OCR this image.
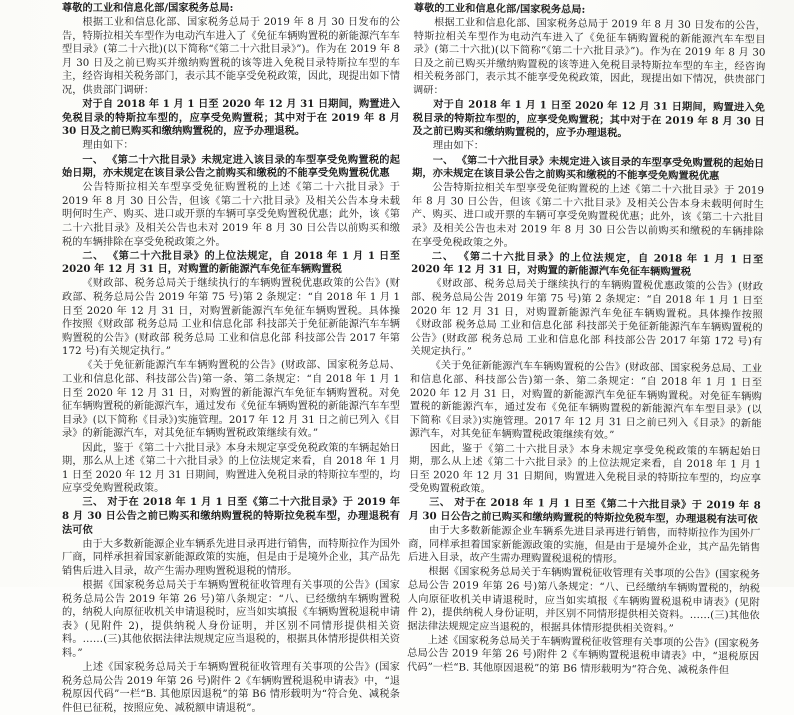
尊敬的工业和信息化部/国家税务总局:

根据工业和信息化部、国家税务总局于 2019 年 8 月 30 日发布的公告，特斯拉相关车型作为电动汽车进入了《免征车辆购置税的新能源汽车车型目录》(第二十六批)(以下简称“《第二十六批目录》”)。作为在 2019 年 8 月 30 日及之前已购买并缴纳购置税的该等进入免税目录特斯拉车型的车主，经咨询相关税务部门，表示其不能享受免税政策，因此，现提出如下情况，供贵部门调研：

对于自 2018 年 1 月 1 日至 2020 年 12 月 31 日期间，购置进入免税目录的特斯拉车型的，应享受免购置税；其中对于在 2019 年 8 月 30 日及之前已购买和缴纳购置税的，应予办理退税。

理由如下：

一、 《第二十六批目录》未规定进入该目录的车型享受免购置税的起始日期，亦未规定在该目录公告之前购买和缴税的不能享受免购置税优惠

公告特斯拉相关车型享受免征购置税的上述《第二十六批目录》于 2019 年 8 月 30 日公告，但该《第二十六批目录》及相关公告本身未载明何时生产、购买、进口或开票的车辆可享受免购置税优惠；此外，该《第二十六批目录》及相关公告也未对 2019 年 8 月 30 日公告以前购买和缴税的车辆排除在享受免税政策之外。

二、 《第二十六批目录》的上位法规定，自 2018 年 1 月 1 日至 2020 年 12 月 31 日，对购置的新能源汽车免征车辆购置税

《财政部、税务总局关于继续执行的车辆购置税优惠政策的公告》(财政部、税务总局公告 2019 年第 75 号)第 2 条规定：“自 2018 年 1 月 1 日至 2020 年 12 月 31 日，对购置新能源汽车免征车辆购置税。具体操作按照《财政部 税务总局 工业和信息化部 科技部关于免征新能源汽车车辆购置税的公告》(财政部 税务总局 工业和信息化部 科技部公告 2017 年第 172 号)有关规定执行。”

《关于免征新能源汽车车辆购置税的公告》(财政部、国家税务总局、工业和信息化部、科技部公告)第一条、第二条规定：“自 2018 年 1 月 1 日至 2020 年 12 月 31 日，对购置的新能源汽车免征车辆购置税。对免征车辆购置税的新能源汽车，通过发布《免征车辆购置税的新能源汽车车型目录》(以下简称《目录》)实施管理。2017 年 12 月 31 日之前已列入《目录》的新能源汽车，对其免征车辆购置税政策继续有效。”

因此，鉴于《第二十六批目录》本身未规定享受免税政策的车辆起始日期，那么从上述《第二十六批目录》的上位法规定来看，自 2018 年 1 月 1 日至 2020 年 12 月 31 日期间，购置进入免税目录的特斯拉车型的，均应享受免购置税政策。

三、 对于在 2018 年 1 月 1 日至《第二十六批目录》于 2019 年 8 月 30 日公告之前已购买和缴纳购置税的特斯拉免税车型，办理退税有法可依

由于大多数新能源企业车辆系先进目录再进行销售，而特斯拉作为国外厂商，同样承担着国家新能源政策的实施，但是由于是境外企业，其产品先销售后进入目录，故产生需办理购置税退税的情形。

根据《国家税务总局关于车辆购置税征收管理有关事项的公告》(国家税务总局公告 2019 年第 26 号)第八条规定：“八、已经缴纳车辆购置税的，纳税人向原征收机关申请退税时，应当如实填报《车辆购置税退税申请表》(见附件 2)，提供纳税人身份证明，并区别不同情形提供相关资料。……(三)其他依据法律法规规定应当退税的，根据具体情形提供相关资料。”

上述《国家税务总局关于车辆购置税征收管理有关事项的公告》(国家税务总局公告 2019 年第 26 号)附件 2《车辆购置税退税申请表》中，“退税原因代码”一栏“B. 其他原因退税”的第 B6 情形载明为“符合免、减税条件但已征税，按照应免、减税额申请退税”。

尊敬的工业和信息化部/国家税务总局:

根据工业和信息化部、国家税务总局于 2019 年 8 月 30 日发布的公告，特斯拉相关车型作为电动汽车进入了《免征车辆购置税的新能源汽车车型目录》(第二十六批)(以下简称“《第二十六批目录》”)。作为在 2019 年 8 月 30 日及之前已购买并缴纳购置税的该等进入免税目录特斯拉车型的车主，经咨询相关税务部门，表示其不能享受免税政策，因此，现提出如下情况，供贵部门调研：

对于自 2018 年 1 月 1 日至 2020 年 12 月 31 日期间，购置进入免税目录的特斯拉车型的，应享受免购置税；其中对于在 2019 年 8 月 30 日及之前已购买和缴纳购置税的，应予办理退税。

理由如下：

一、 《第二十六批目录》未规定进入该目录的车型享受免购置税的起始日期，亦未规定在该目录公告之前购买和缴税的不能享受免购置税优惠

公告特斯拉相关车型享受免征购置税的上述《第二十六批目录》于 2019 年 8 月 30 日公告，但该《第二十六批目录》及相关公告本身未载明何时生产、购买、进口或开票的车辆可享受免购置税优惠；此外，该《第二十六批目录》及相关公告也未对 2019 年 8 月 30 日公告以前购买和缴税的车辆排除在享受免税政策之外。

二、 《第二十六批目录》的上位法规定，自 2018 年 1 月 1 日至 2020 年 12 月 31 日，对购置的新能源汽车免征车辆购置税

《财政部、税务总局关于继续执行的车辆购置税优惠政策的公告》(财政部、税务总局公告 2019 年第 75 号)第 2 条规定：“自 2018 年 1 月 1 日至 2020 年 12 月 31 日，对购置新能源汽车免征车辆购置税。具体操作按照《财政部 税务总局 工业和信息化部 科技部关于免征新能源汽车车辆购置税的公告》(财政部 税务总局 工业和信息化部 科技部公告 2017 年第 172 号)有关规定执行。”

《关于免征新能源汽车车辆购置税的公告》(财政部、国家税务总局、工业和信息化部、科技部公告)第一条、第二条规定：“自 2018 年 1 月 1 日至 2020 年 12 月 31 日，对购置的新能源汽车免征车辆购置税。对免征车辆购置税的新能源汽车，通过发布《免征车辆购置税的新能源汽车车型目录》(以下简称《目录》)实施管理。2017 年 12 月 31 日之前已列入《目录》的新能源汽车，对其免征车辆购置税政策继续有效。”

因此，鉴于《第二十六批目录》本身未规定享受免税政策的车辆起始日期，那么从上述《第二十六批目录》的上位法规定来看，自 2018 年 1 月 1 日至 2020 年 12 月 31 日期间，购置进入免税目录的特斯拉车型的，均应享受免购置税政策。

三、 对于在 2018 年 1 月 1 日至《第二十六批目录》于 2019 年 8 月 30 日公告之前已购买和缴纳购置税的特斯拉免税车型，办理退税有法可依

由于大多数新能源企业车辆系先进目录再进行销售，而特斯拉作为国外厂商，同样承担着国家新能源政策的实施，但是由于是境外企业，其产品先销售后进入目录，故产生需办理购置税退税的情形。

根据《国家税务总局关于车辆购置税征收管理有关事项的公告》(国家税务总局公告 2019 年第 26 号)第八条规定：“八、已经缴纳车辆购置税的，纳税人向原征收机关申请退税时，应当如实填报《车辆购置税退税申请表》(见附件 2)，提供纳税人身份证明，并区别不同情形提供相关资料。……(三)其他依据法律法规规定应当退税的，根据具体情形提供相关资料。”

上述《国家税务总局关于车辆购置税征收管理有关事项的公告》(国家税务总局公告 2019 年第 26 号)附件 2《车辆购置税退税申请表》中，“退税原因代码”一栏“B. 其他原因退税”的第 B6 情形载明为“符合免、减税条件但
